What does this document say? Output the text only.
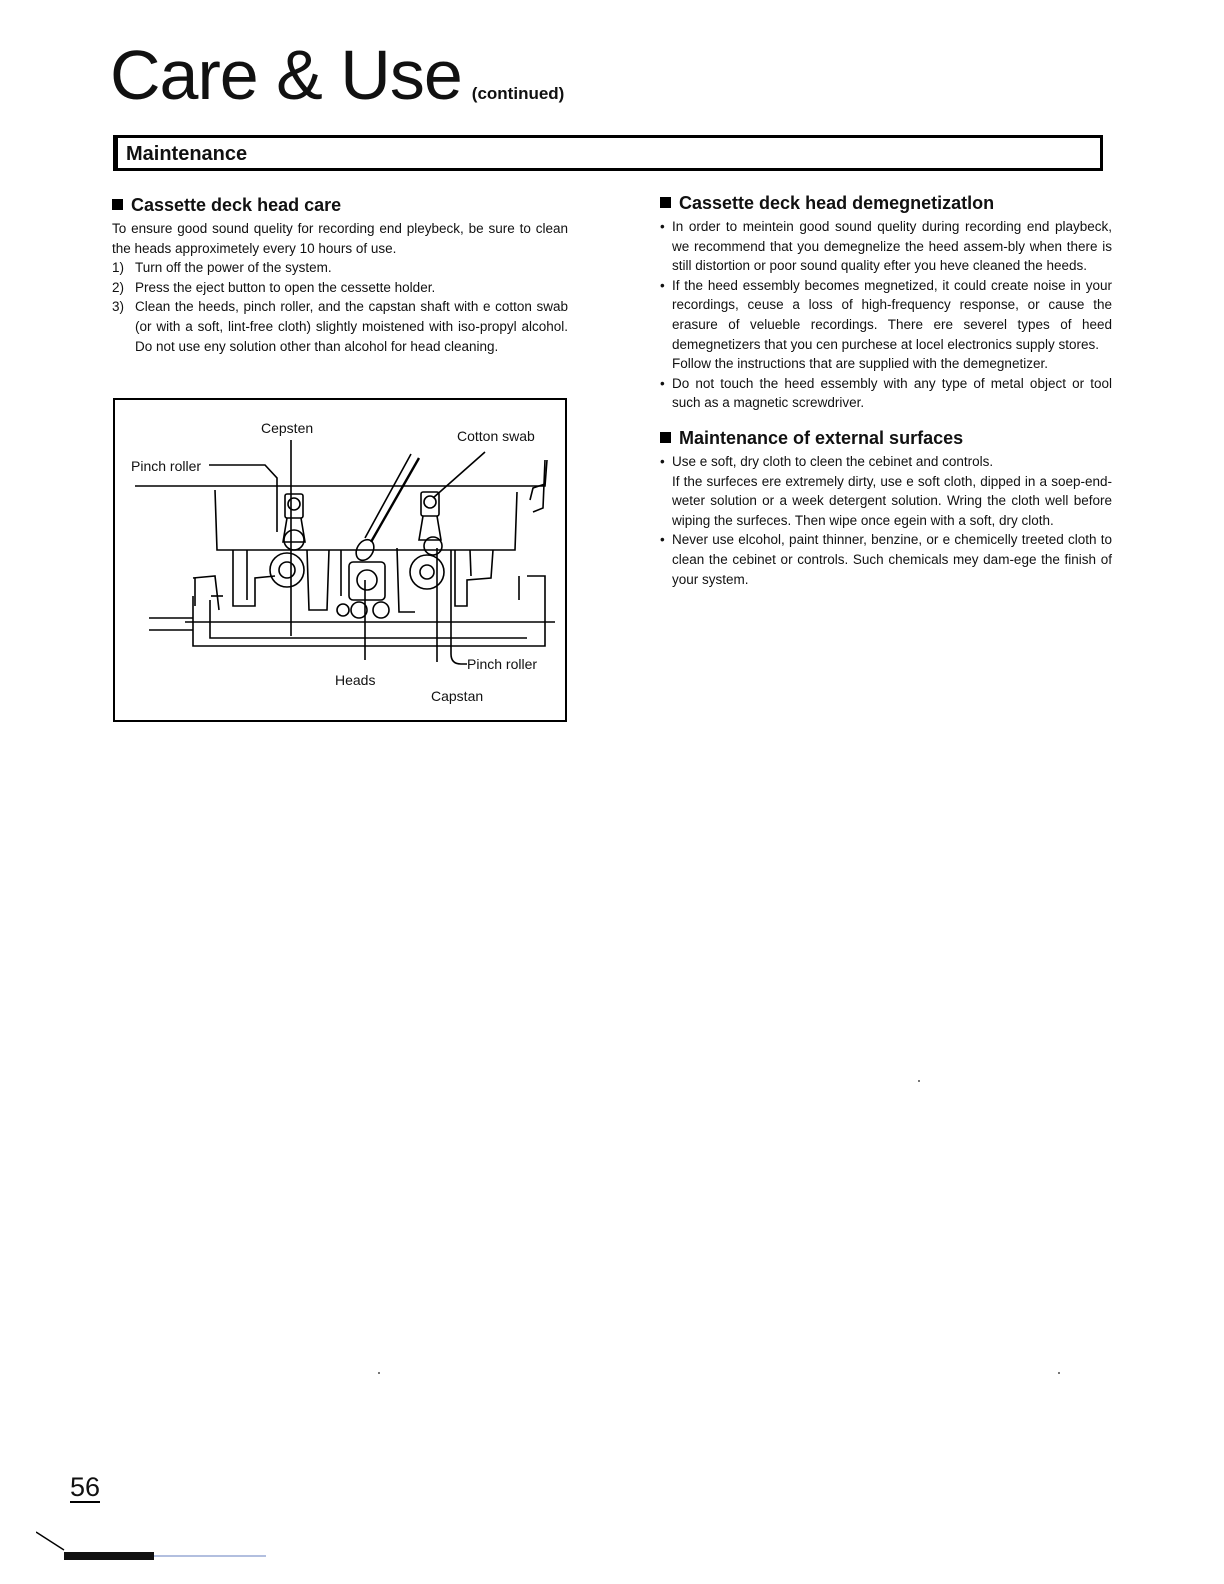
Care & Use (continued)
Maintenance
Cassette deck head care

To ensure good sound quelity for recording end pleybeck, be sure to clean the heads approximetely every 10 hours of use.

1) Turn off the power of the system.
2) Press the eject button to open the cessette holder.
3) Clean the heeds, pinch roller, and the capstan shaft with e cotton swab (or with a soft, lint-free cloth) slightly moistened with iso-propyl alcohol. Do not use eny solution other than alcohol for head cleaning.
Cepsten	Cotton swab
Pinch roller
Pinch roller
Heads
Capstan
Cassette deck head demegnetizatlon
• In order to meintein good sound quelity during recording end playbeck, we recommend that you demegnelize the heed assem-bly when there is still distortion or poor sound quality efter you heve cleaned the heeds.
• If the heed essembly becomes megnetized, it could create noise in your recordings, ceuse a loss of high-frequency response, or cause the erasure of velueble recordings. There ere severel types of heed demegnetizers that you cen purchese at locel electronics supply stores.

Follow the instructions that are supplied with the demegnetizer.

• Do not touch the heed essembly with any type of metal object or tool such as a magnetic screwdriver.
Maintenance of external surfaces
• Use e soft, dry cloth to cleen the cebinet and controls.

If the surfeces ere extremely dirty, use e soft cloth, dipped in a soep-end-weter solution or a week detergent solution. Wring the cloth well before wiping the surfeces. Then wipe once egein with a soft, dry cloth.

• Never use elcohol, paint thinner, benzine, or e chemicelly treeted cloth to clean the cebinet or controls. Such chemicals mey dam-ege the finish of your system.
56
